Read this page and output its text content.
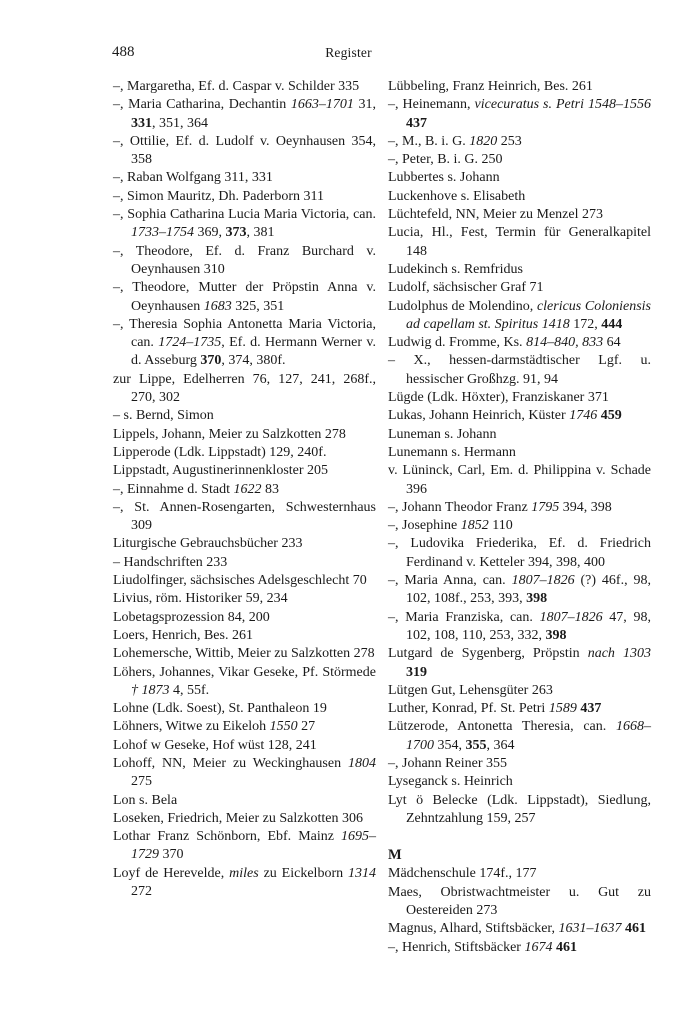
488	Register

–, Margaretha, Ef. d. Caspar v. Schilder 335

–, Maria Catharina, Dechantin 1663–1701 31, 331, 351, 364

–, Ottilie, Ef. d. Ludolf v. Oeynhausen 354, 358

–, Raban Wolfgang 311, 331

–, Simon Mauritz, Dh. Paderborn 311

–, Sophia Catharina Lucia Maria Victoria, can. 1733–1754 369, 373, 381

–, Theodore, Ef. d. Franz Burchard v. Oeynhausen 310

–, Theodore, Mutter der Pröpstin Anna v. Oeynhausen 1683 325, 351

–, Theresia Sophia Antonetta Maria Victoria, can. 1724–1735, Ef. d. Hermann Werner v. d. Asseburg 370, 374, 380f.

zur Lippe, Edelherren 76, 127, 241, 268f., 270, 302

– s. Bernd, Simon

Lippels, Johann, Meier zu Salzkotten 278

Lipperode (Ldk. Lippstadt) 129, 240f.

Lippstadt, Augustinerinnenkloster 205

–, Einnahme d. Stadt 1622 83

–, St. Annen-Rosengarten, Schwesternhaus 309

Liturgische Gebrauchsbücher 233

– Handschriften 233

Liudolfinger, sächsisches Adelsgeschlecht 70

Livius, röm. Historiker 59, 234

Lobetagsprozession 84, 200

Loers, Henrich, Bes. 261

Lohemersche, Wittib, Meier zu Salzkotten 278

Löhers, Johannes, Vikar Geseke, Pf. Störmede † 1873 4, 55f.

Lohne (Ldk. Soest), St. Panthaleon 19

Löhners, Witwe zu Eikeloh 1550 27

Lohof w Geseke, Hof wüst 128, 241

Lohoff, NN, Meier zu Weckinghausen 1804 275

Lon s. Bela

Loseken, Friedrich, Meier zu Salzkotten 306

Lothar Franz Schönborn, Ebf. Mainz 1695–1729 370

Loyf de Herevelde, miles zu Eickelborn 1314 272

Lübbeling, Franz Heinrich, Bes. 261

–, Heinemann, vicecuratus s. Petri 1548–1556 437

–, M., B. i. G. 1820 253

–, Peter, B. i. G. 250

Lubbertes s. Johann

Luckenhove s. Elisabeth

Lüchtefeld, NN, Meier zu Menzel 273

Lucia, Hl., Fest, Termin für Generalkapitel 148

Ludekinch s. Remfridus

Ludolf, sächsischer Graf 71

Ludolphus de Molendino, clericus Coloniensis ad capellam st. Spiritus 1418 172, 444

Ludwig d. Fromme, Ks. 814–840, 833 64

– X., hessen-darmstädtischer Lgf. u. hessischer Großhzg. 91, 94

Lügde (Ldk. Höxter), Franziskaner 371

Lukas, Johann Heinrich, Küster 1746 459

Luneman s. Johann

Lunemann s. Hermann

v. Lüninck, Carl, Em. d. Philippina v. Schade 396

–, Johann Theodor Franz 1795 394, 398

–, Josephine 1852 110

–, Ludovika Friederika, Ef. d. Friedrich Ferdinand v. Ketteler 394, 398, 400

–, Maria Anna, can. 1807–1826 (?) 46f., 98, 102, 108f., 253, 393, 398

–, Maria Franziska, can. 1807–1826 47, 98, 102, 108, 110, 253, 332, 398

Lutgard de Sygenberg, Pröpstin nach 1303 319

Lütgen Gut, Lehensgüter 263

Luther, Konrad, Pf. St. Petri 1589 437

Lützerode, Antonetta Theresia, can. 1668–1700 354, 355, 364

–, Johann Reiner 355

Lyseganck s. Heinrich

Lyt ö Belecke (Ldk. Lippstadt), Siedlung, Zehntzahlung 159, 257

M

Mädchenschule 174f., 177

Maes, Obristwachtmeister u. Gut zu Oestereiden 273

Magnus, Alhard, Stiftsbäcker, 1631–1637 461

–, Henrich, Stiftsbäcker 1674 461
